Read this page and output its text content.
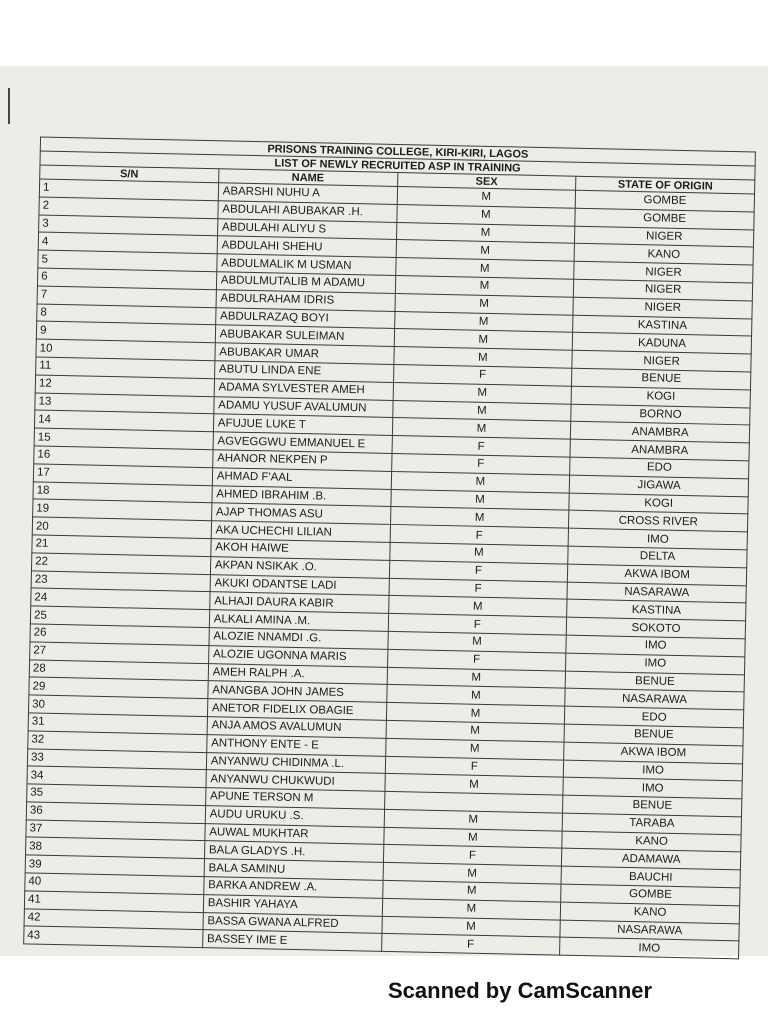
PRISONS TRAINING COLLEGE, KIRI-KIRI, LAGOS			
LIST OF NEWLY RECRUITED ASP IN TRAINING			
S/N	NAME	SEX	STATE OF ORIGIN
1	ABARSHI NUHU A	M	GOMBE
2	ABDULAHI ABUBAKAR .H.	M	GOMBE
3	ABDULAHI ALIYU S	M	NIGER
4	ABDULAHI SHEHU	M	KANO
5	ABDULMALIK M USMAN	M	NIGER
6	ABDULMUTALIB M ADAMU	M	NIGER
7	ABDULRAHAM IDRIS	M	NIGER
8	ABDULRAZAQ BOYI	M	KASTINA
9	ABUBAKAR SULEIMAN	M	KADUNA
10	ABUBAKAR UMAR	M	NIGER
11	ABUTU LINDA ENE	F	BENUE
12	ADAMA SYLVESTER AMEH	M	KOGI
13	ADAMU YUSUF AVALUMUN	M	BORNO
14	AFUJUE LUKE T	M	ANAMBRA
15	AGVEGGWU EMMANUEL E	F	ANAMBRA
16	AHANOR NEKPEN P	F	EDO
17	AHMAD F'AAL	M	JIGAWA
18	AHMED IBRAHIM .B.	M	KOGI
19	AJAP THOMAS ASU	M	CROSS RIVER
20	AKA UCHECHI LILIAN	F	IMO
21	AKOH HAIWE	M	DELTA
22	AKPAN NSIKAK .O.	F	AKWA IBOM
23	AKUKI ODANTSE LADI	F	NASARAWA
24	ALHAJI DAURA KABIR	M	KASTINA
25	ALKALI AMINA .M.	F	SOKOTO
26	ALOZIE NNAMDI .G.	M	IMO
27	ALOZIE UGONNA MARIS	F	IMO
28	AMEH RALPH .A.	M	BENUE
29	ANANGBA JOHN JAMES	M	NASARAWA
30	ANETOR FIDELIX OBAGIE	M	EDO
31	ANJA AMOS AVALUMUN	M	BENUE
32	ANTHONY ENTE - E	M	AKWA IBOM
33	ANYANWU CHIDINMA .L.	F	IMO
34	ANYANWU CHUKWUDI	M	IMO
35	APUNE TERSON M		BENUE
36	AUDU URUKU .S.	M	TARABA
37	AUWAL MUKHTAR	M	KANO
38	BALA GLADYS .H.	F	ADAMAWA
39	BALA SAMINU	M	BAUCHI
40	BARKA ANDREW .A.	M	GOMBE
41	BASHIR YAHAYA	M	KANO
42	BASSA GWANA ALFRED	M	NASARAWA
43	BASSEY IME E	F	IMO
Scanned by CamScanner
